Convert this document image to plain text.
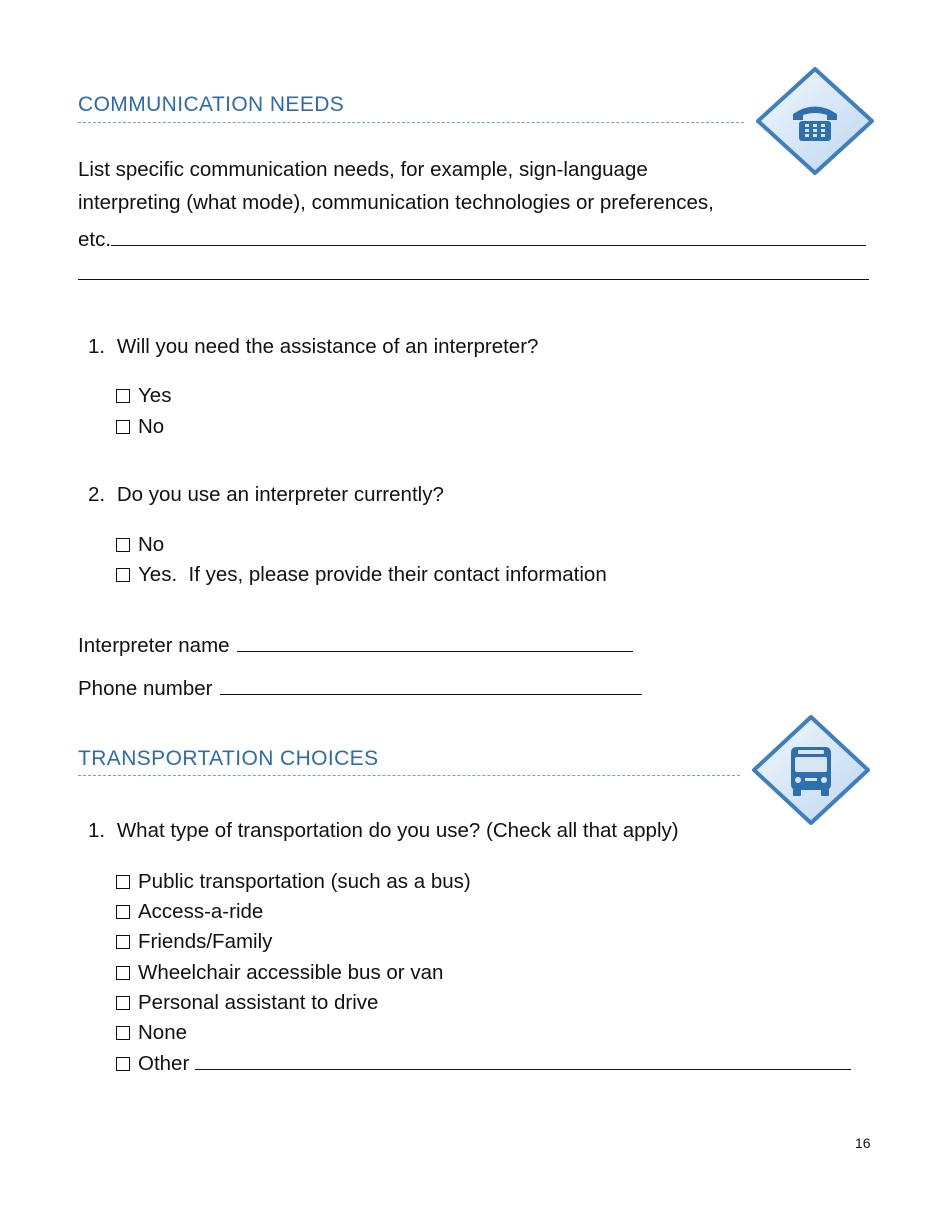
COMMUNICATION NEEDS
List specific communication needs, for example, sign-language
interpreting (what mode), communication technologies or preferences,
etc.
1. Will you need the assistance of an interpreter?
Yes
No
2. Do you use an interpreter currently?
No
Yes.  If yes, please provide their contact information
Interpreter name
Phone number
TRANSPORTATION CHOICES
1. What type of transportation do you use? (Check all that apply)
Public transportation (such as a bus)
Access-a-ride
Friends/Family
Wheelchair accessible bus or van
Personal assistant to drive
None
Other
16
